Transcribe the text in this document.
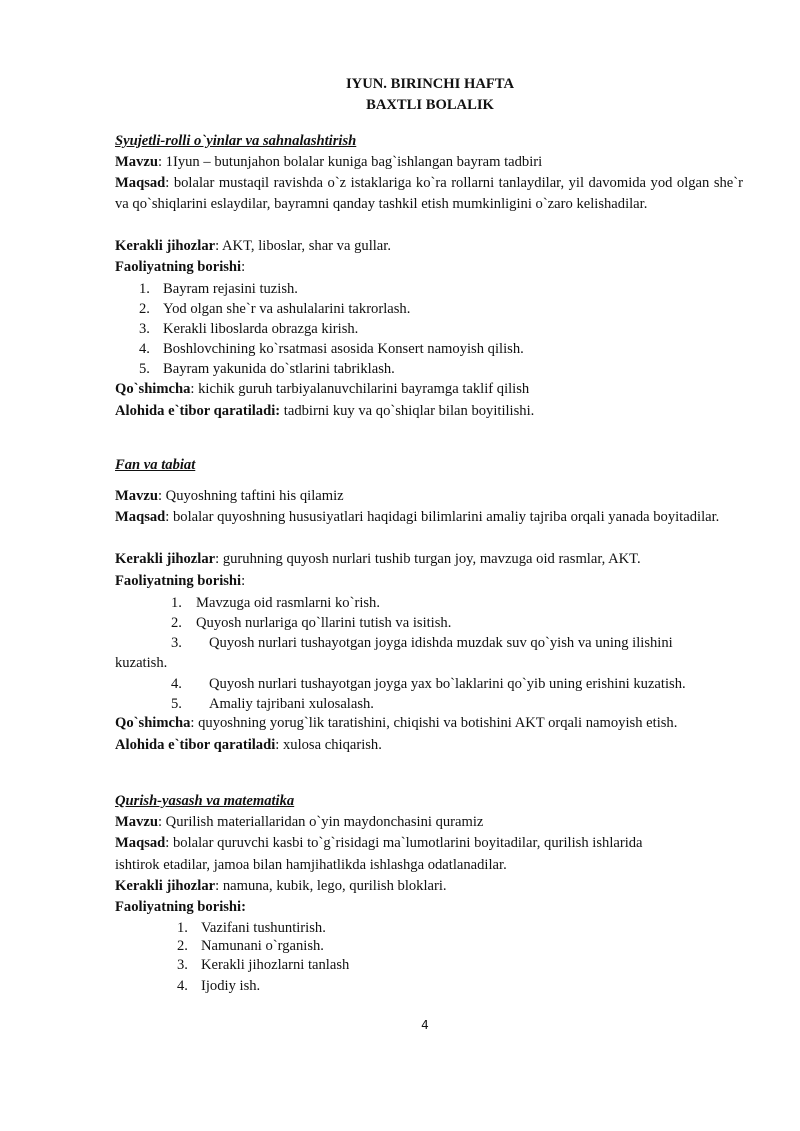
IYUN. BIRINCHI HAFTA
BAXTLI BOLALIK
Syujetli-rolli o`yinlar va sahnalashtirish
Mavzu: 1Iyun – butunjahon bolalar kuniga bag`ishlangan bayram tadbiri
Maqsad: bolalar mustaqil ravishda o`z istaklariga ko`ra rollarni tanlaydilar, yil davomida yod olgan she`r va qo`shiqlarini eslaydilar, bayramni qanday tashkil etish mumkinligini o`zaro kelishadilar.
Kerakli jihozlar: AKT, liboslar, shar va gullar.
Faoliyatning borishi:
1. Bayram rejasini tuzish.
2. Yod olgan she`r va ashulalarini takrorlash.
3. Kerakli liboslarda obrazga kirish.
4. Boshlovchining ko`rsatmasi asosida Konsert namoyish qilish.
5. Bayram yakunida do`stlarini tabriklash.
Qo`shimcha: kichik guruh tarbiyalanuvchilarini bayramga taklif qilish
Alohida e`tibor qaratiladi: tadbirni kuy va qo`shiqlar bilan boyitilishi.
Fan va tabiat
Mavzu: Quyoshning taftini his qilamiz
Maqsad: bolalar quyoshning hususiyatlari haqidagi bilimlarini amaliy tajriba orqali yanada boyitadilar.
Kerakli jihozlar: guruhning quyosh nurlari tushib turgan joy, mavzuga oid rasmlar, AKT.
Faoliyatning borishi:
1. Mavzuga oid rasmlarni ko`rish.
2. Quyosh nurlariga qo`llarini tutish va isitish.
3. Quyosh nurlari tushayotgan joyga idishda muzdak suv qo`yish va uning ilishini
kuzatish.
4. Quyosh nurlari tushayotgan joyga yax bo`laklarini qo`yib uning erishini kuzatish.
5. Amaliy tajribani xulosalash.
Qo`shimcha: quyoshning yorug`lik taratishini, chiqishi va botishini AKT orqali namoyish etish.
Alohida e`tibor qaratiladi: xulosa chiqarish.
Qurish-yasash va matematika
Mavzu: Qurilish materiallaridan o`yin maydonchasini quramiz
Maqsad: bolalar quruvchi kasbi to`g`risidagi ma`lumotlarini boyitadilar, qurilish ishlarida
ishtirok etadilar, jamoa bilan hamjihatlikda ishlashga odatlanadilar.
Kerakli jihozlar: namuna, kubik, lego, qurilish bloklari.
Faoliyatning borishi:
1. Vazifani tushuntirish.
2. Namunani o`rganish.
3. Kerakli jihozlarni tanlash
4. Ijodiy ish.
4
